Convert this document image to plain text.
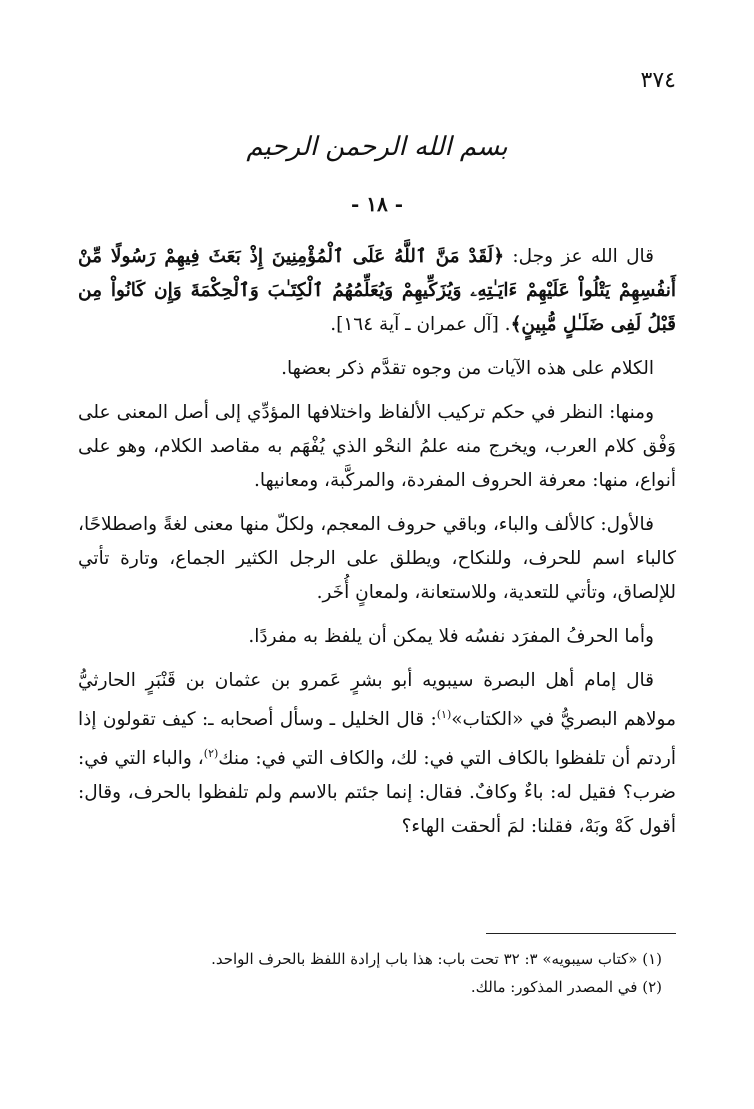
٣٧٤
بسم الله الرحمن الرحيم
- ١٨ -

قال الله عز وجل: ﴿لَقَدْ مَنَّ ٱللَّهُ عَلَى ٱلْمُؤْمِنِينَ إِذْ بَعَثَ فِيهِمْ رَسُولًا مِّنْ أَنفُسِهِمْ يَتْلُواْ عَلَيْهِمْ ءَايَـٰتِهِۦ وَيُزَكِّيهِمْ وَيُعَلِّمُهُمُ ٱلْكِتَـٰبَ وَٱلْحِكْمَةَ وَإِن كَانُواْ مِن قَبْلُ لَفِى ضَلَـٰلٍ مُّبِينٍ﴾. [آل عمران ـ آية ١٦٤].

الكلام على هذه الآيات من وجوه تقدَّم ذكر بعضها.

ومنها: النظر في حكم تركيب الألفاظ واختلافها المؤدِّي إلى أصل المعنى على وَفْق كلام العرب، ويخرج منه علمُ النحْو الذي يُفْهَم به مقاصد الكلام، وهو على أنواع، منها: معرفة الحروف المفردة، والمركَّبة، ومعانيها.

فالأول: كالألف والباء، وباقي حروف المعجم، ولكلّ منها معنى لغةً واصطلاحًا، كالباء اسم للحرف، وللنكاح، ويطلق على الرجل الكثير الجماع، وتارة تأتي للإلصاق، وتأتي للتعدية، وللاستعانة، ولمعانٍ أُخَر.

وأما الحرفُ المفرَد نفسُه فلا يمكن أن يلفظ به مفردًا.

قال إمام أهل البصرة سيبويه أبو بشرٍ عَمرو بن عثمان بن قَنْبَرٍ الحارثيُّ مولاهم البصريُّ في «الكتاب»$^{(١)}$: قال الخليل ـ وسأل أصحابه ـ: كيف تقولون إذا أردتم أن تلفظوا بالكاف التي في: لك، والكاف التي في: منك$^{(٢)}$، والباء التي في: ضرب؟ فقيل له: باءٌ وكافٌ. فقال: إنما جئتم بالاسم ولم تلفظوا بالحرف، وقال: أقول كَهْ وبَهْ، فقلنا: لمَ ألحقت الهاء؟

(١) «كتاب سيبويه» ٣: ٣٢ تحت باب: هذا باب إرادة اللفظ بالحرف الواحد.

(٢) في المصدر المذكور: مالك.
